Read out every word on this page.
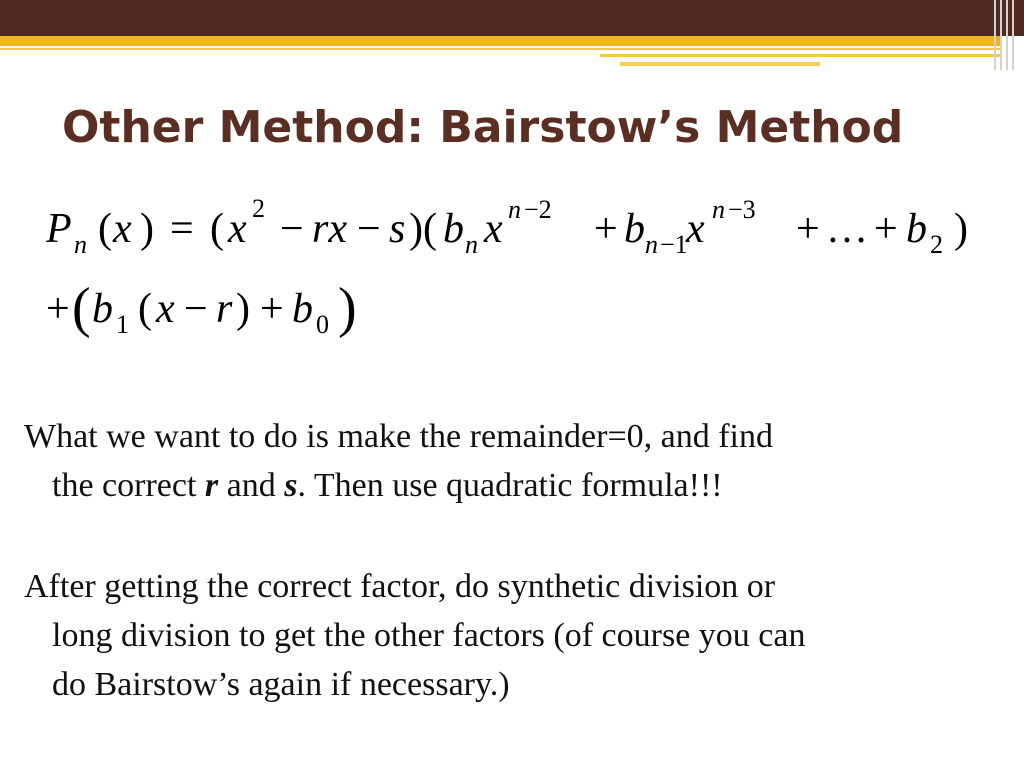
Other Method: Bairstow’s Method
P n ( x ) = ( x 2 − rx − s )( b n x n −2 + b n −1
x n −3 + … + b 2 )
+ ( b 1 ( x − r ) + b 0 )

What we want to do is make the remainder=0, and find
the correct r and s. Then use quadratic formula!!!

After getting the correct factor, do synthetic division or
long division to get the other factors (of course you can
do Bairstow’s again if necessary.)
